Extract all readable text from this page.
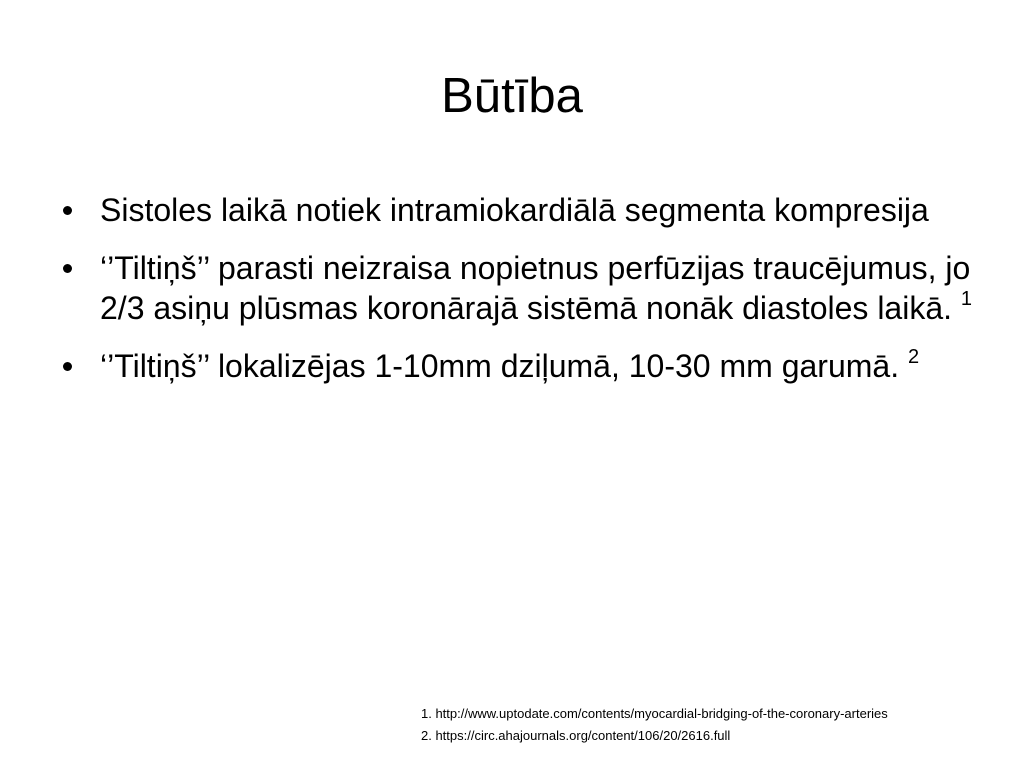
Būtība
Sistoles laikā notiek intramiokardiālā segmenta kompresija
‘’Tiltiņš’’ parasti neizraisa nopietnus perfūzijas traucējumus, jo 2/3 asiņu plūsmas koronārajā sistēmā nonāk diastoles laikā. $^1$
‘’Tiltiņš’’ lokalizējas 1-10mm dziļumā, 10-30 mm garumā. $^2$
1. http://www.uptodate.com/contents/myocardial-bridging-of-the-coronary-arteries
2. https://circ.ahajournals.org/content/106/20/2616.full
